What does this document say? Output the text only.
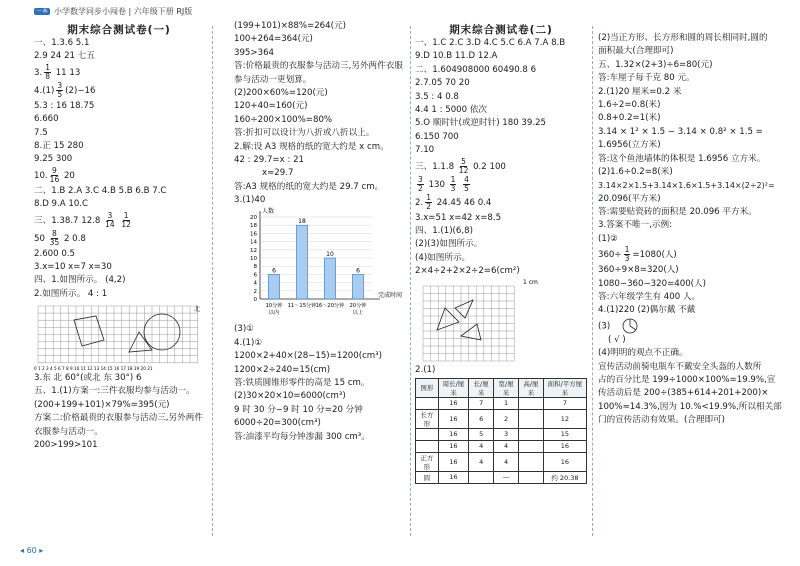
一本 小学数学同步小闯卷 | 六年级下册 RJ版
期末综合测试卷(一)
一、1.3.6 5.1
2.9 24 21 七五
3. $\frac{1}{8} 11$ 13
$4.(1) \frac{3}{5} (2)-16$
5.3 : 16 18.75
6.660
7.5
8.正 15 280
9.25 300
10. $\frac{9}{16} 20$
二、1.B 2.A 3.C 4.B 5.B 6.B 7.C
8.D 9.A 10.C
三、1.38.7 $12.8 \frac{3}{14}$
$\frac{1}{12}$
$50 \frac{8}{35} 2$ 0.8
2.600 0.5
3.x=10 x=7 x=30
四、1.如图所示。 (4,2)
2.如图所示。 4 : 1
北
0 1 2 3 4 5 6 7 8 9 10 11 12 13 14 15 16 17 18 19 20 21
3.东 北 60°(或北 东 30°) 6
五、1.(1)方案一:三件衣服均参与活动一。
(200+199+101)×79%=395(元)
方案二:价格最贵的衣服参与活动三,另外两件
衣服参与活动一。
200>199>101
(199+101)×88%=264(元)
100+264=364(元)
395>364
答:价格最贵的衣服参与活动三,另外两件衣服
参与活动一更划算。
(2)200×60%=120(元)
120+40=160(元)
160÷200×100%=80%
答:折扣可以设计为八折或八折以上。
2.解:设 A3 规格的纸的宽大约是 x cm。
42 : 29.7=x : 21
x≈29.7
答:A3 规格的纸的宽大约是 29.7 cm。
3.(1)40
0
2
4
6
8
10
12
14
16
18
20
人数
完成时间
6
10分钟
以内
18
11～15分钟
10
16～20分钟
6
20分钟
以上
(3)①
4.(1)①
1200×2+40×(28−15)=1200(cm³)
1200×2÷240=15(cm)
答:铁质圆锥形零件的高是 15 cm。
(2)30×20×10=6000(cm³)
9 时 30 分−9 时 10 分=20 分钟
6000÷20=300(cm³)
答:油漆平均每分钟渗漏 300 cm³。
期末综合测试卷(二)
一、1.C 2.C 3.D 4.C 5.C 6.A 7.A 8.B
9.D 10.B 11.D 12.A
二、1.604908000 60490.8 6
2.7.05 70 20
3.5 : 4 0.8
4.4 1 : 5000 依次
5.O 顺时针(或逆时针) 180 39.25
6.150 700
7.10
三、$1.1.8 \frac{5}{12} 0.2$ 100
$\frac{3}{2} 130 \frac{1}{3}$
$\frac{4}{5}$
2. $\frac{1}{2} 24.45$ 46 0.4
3.x=51 x=42 x=8.5
四、1.(1)(6,8)
(2)(3)如图所示。
(4)如图所示。
2×4÷2+2×2÷2=6(cm²)
1 cm
2.(1)
图形	周长/厘米	长/厘米	宽/厘米	高/厘米	面积/平方厘米
	16	7	1		7
长方形	16	6	2		12
	16	5	3		15
	16	4	4		16
正方形	16	4	4		16
圆	16		—		约 20.38
(2)当正方形、长方形和圆的周长相同时,圆的
面积最大(合理即可)
五、1.32×(2+3)÷6=80(元)
答:车厘子每千克 80 元。
2.(1)20 厘米=0.2 米
1.6÷2=0.8(米)
0.8+0.2=1(米)
3.14 × 1² × 1.5 − 3.14 × 0.8² × 1.5 =
1.6956(立方米)
答:这个鱼池墙体的体积是 1.6956 立方米。
(2)1.6÷0.2=8(米)
3.14×2×1.5+3.14×1.6×1.5+3.14×(2÷2)²=
20.096(平方米)
答:需要贴瓷砖的面积是 20.096 平方米。
3.答案不唯一,示例:
(1)②
$360\div \frac{1}{3} =1080$(人)
360÷9×8=320(人)
1080−360−320=400(人)
答:六年级学生有 400 人。
4.(1)220 (2)偶尔戴 不戴
(3)
( √ )
(4)明明的观点不正确。
宣传活动前骑电瓶车不戴安全头盔的人数所
占的百分比是 199÷1000×100%=19.9%,宣
传活动后是 200÷(385+614+201+200)×
100%≈14.3%,因为 10.%<19.9%,所以相关部
门的宣传活动有效果。(合理即可)
◂ 60 ▸
